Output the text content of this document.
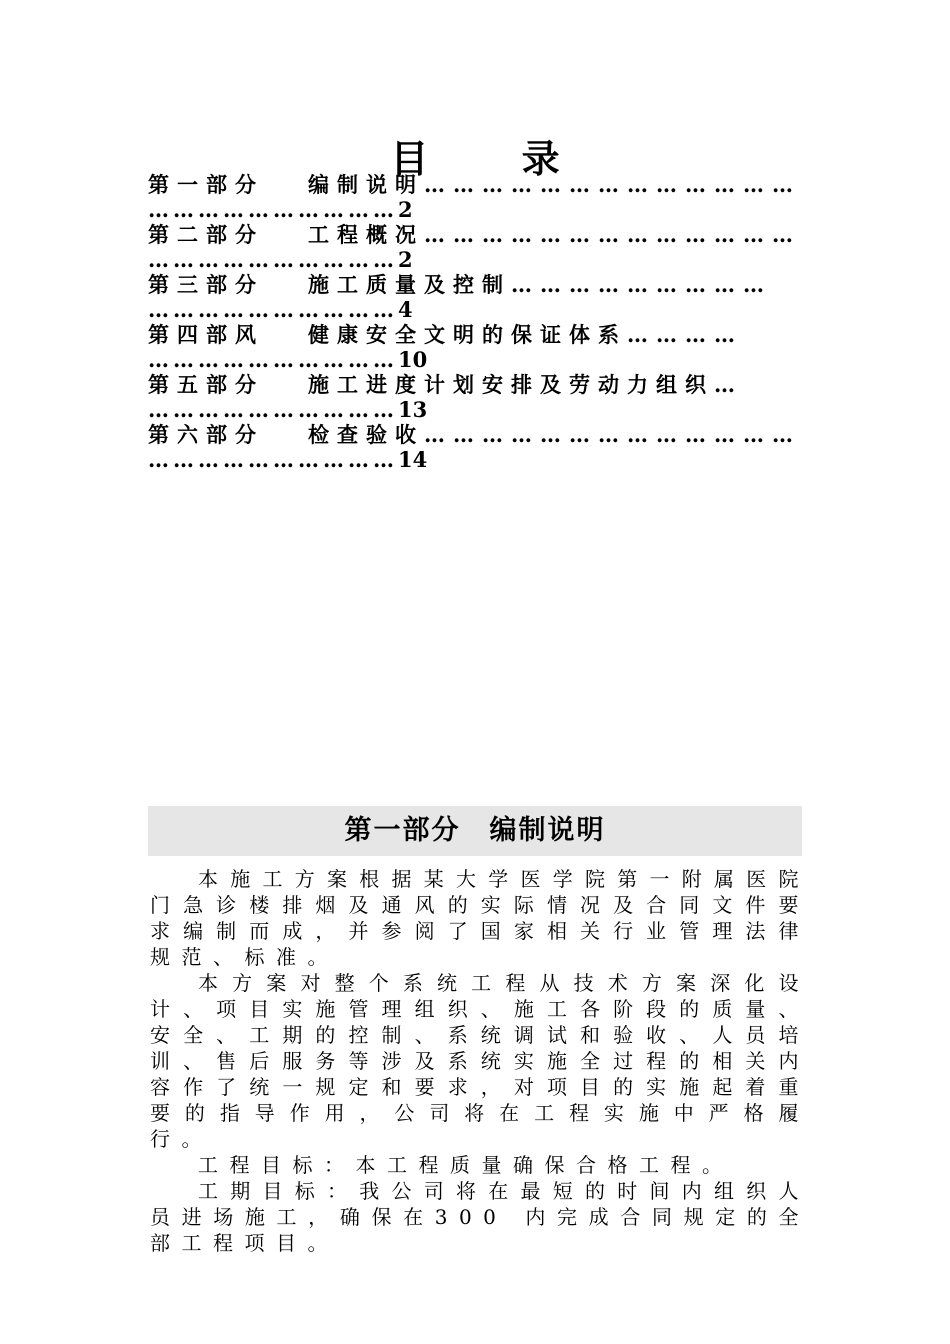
目 录
第一部分 编制说明…………………………………
…………………………2
第二部分 工程概况…………………………………
…………………………2
第三部分 施工质量及控制………………………
…………………………4
第四部风 健康安全文明的保证体系…………
…………………………10
第五部分 施工进度计划安排及劳动力组织…
…………………………13
第六部分 检查验收…………………………………
…………………………14
第一部分　编制说明

本施工方案根据某大学医学院第一附属医院门急诊楼排烟及通风的实际情况及合同文件要求编制而成，并参阅了国家相关行业管理法律规范、标准。

本方案对整个系统工程从技术方案深化设计、项目实施管理组织、施工各阶段的质量、安全、工期的控制、系统调试和验收、人员培训、售后服务等涉及系统实施全过程的相关内容作了统一规定和要求，对项目的实施起着重要的指导作用，公司将在工程实施中严格履行。

工程目标：本工程质量确保合格工程。

工期目标：我公司将在最短的时间内组织人员进场施工，确保在300 内完成合同规定的全部工程项目。
